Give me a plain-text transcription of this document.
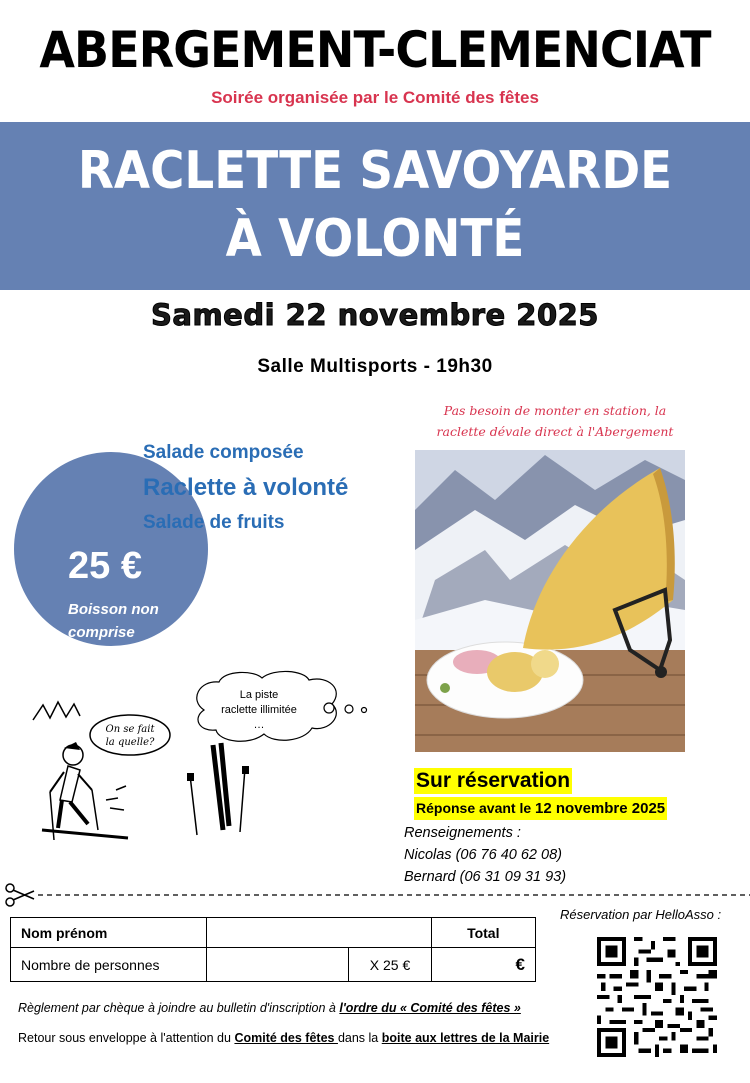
ABERGEMENT-CLEMENCIAT
Soirée organisée par le Comité des fêtes
RACLETTE SAVOYARDE
À VOLONTÉ
Samedi 22 novembre 2025
Salle Multisports - 19h30
Pas besoin de monter en station, la
raclette dévale direct à l'Abergement
Salade composée
Raclette à volonté
Salade de fruits
25 €
Boisson non
comprise
On se fait
la quelle?
La piste
raclette illimitée
…
Sur réservation
Réponse avant le 12 novembre 2025
Renseignements :
Nicolas (06 76 40 62 08)
Bernard (06 31 09 31 93)
Réservation par HelloAsso :
Nom prénom			Total
Nombre de personnes		X 25 €	€
Règlement par chèque à joindre au bulletin d'inscription à l'ordre du « Comité des fêtes »
Retour sous enveloppe à l'attention du Comité des fêtes dans la boite aux lettres de la Mairie
